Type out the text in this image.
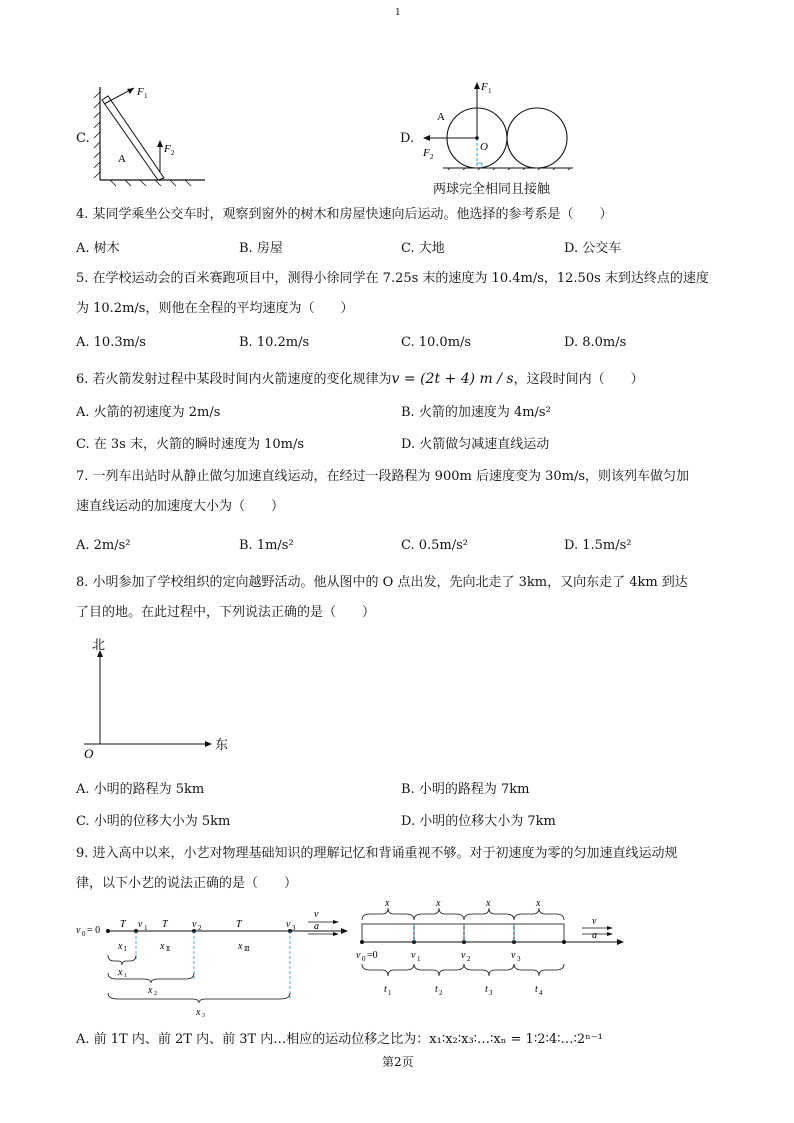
1
C.
F 1
F 2
A
D.
F 1
F 2
A
O
两球完全相同且接触
4. 某同学乘坐公交车时，观察到窗外的树木和房屋快速向后运动。他选择的参考系是（　　）
A. 树木	B. 房屋	C. 大地	D. 公交车
5. 在学校运动会的百米赛跑项目中，测得小徐同学在 7.25s 末的速度为 10.4m/s，12.50s 末到达终点的速度
为 10.2m/s，则他在全程的平均速度为（　　）
A. 10.3m/s	B. 10.2m/s	C. 10.0m/s	D. 8.0m/s
6. 若火箭发射过程中某段时间内火箭速度的变化规律为v = (2t + 4) m / s，这段时间内（　　）
A. 火箭的初速度为 2m/s	B. 火箭的加速度为 4m/s²
C. 在 3s 末，火箭的瞬时速度为 10m/s	D. 火箭做匀减速直线运动
7. 一列车出站时从静止做匀加速直线运动，在经过一段路程为 900m 后速度变为 30m/s，则该列车做匀加
速直线运动的加速度大小为（　　）
A. 2m/s²	B. 1m/s²	C. 0.5m/s²	D. 1.5m/s²
8. 小明参加了学校组织的定向越野活动。他从图中的 O 点出发，先向北走了 3km，又向东走了 4km 到达
了目的地。在此过程中，下列说法正确的是（　　）
北
东
O
A. 小明的路程为 5km	B. 小明的路程为 7km
C. 小明的位移大小为 5km	D. 小明的位移大小为 7km
9. 进入高中以来，小艺对物理基础知识的理解记忆和背诵重视不够。对于初速度为零的匀加速直线运动规
律，以下小艺的说法正确的是（　　）
v 0 = 0
T v 1 T v 2	T	v 3
v
a
x Ⅰ	x Ⅱ	x Ⅲ
x 1
x 2
x 3
x	x	x	x
v
a
v 0 =0	v 1	v 2	v 3
t 1	t 2	t 3	t 4
A. 前 1T 内、前 2T 内、前 3T 内…相应的运动位移之比为：x₁∶x₂∶x₃∶…∶xₙ = 1∶2∶4∶…∶2ⁿ⁻¹
第2页
